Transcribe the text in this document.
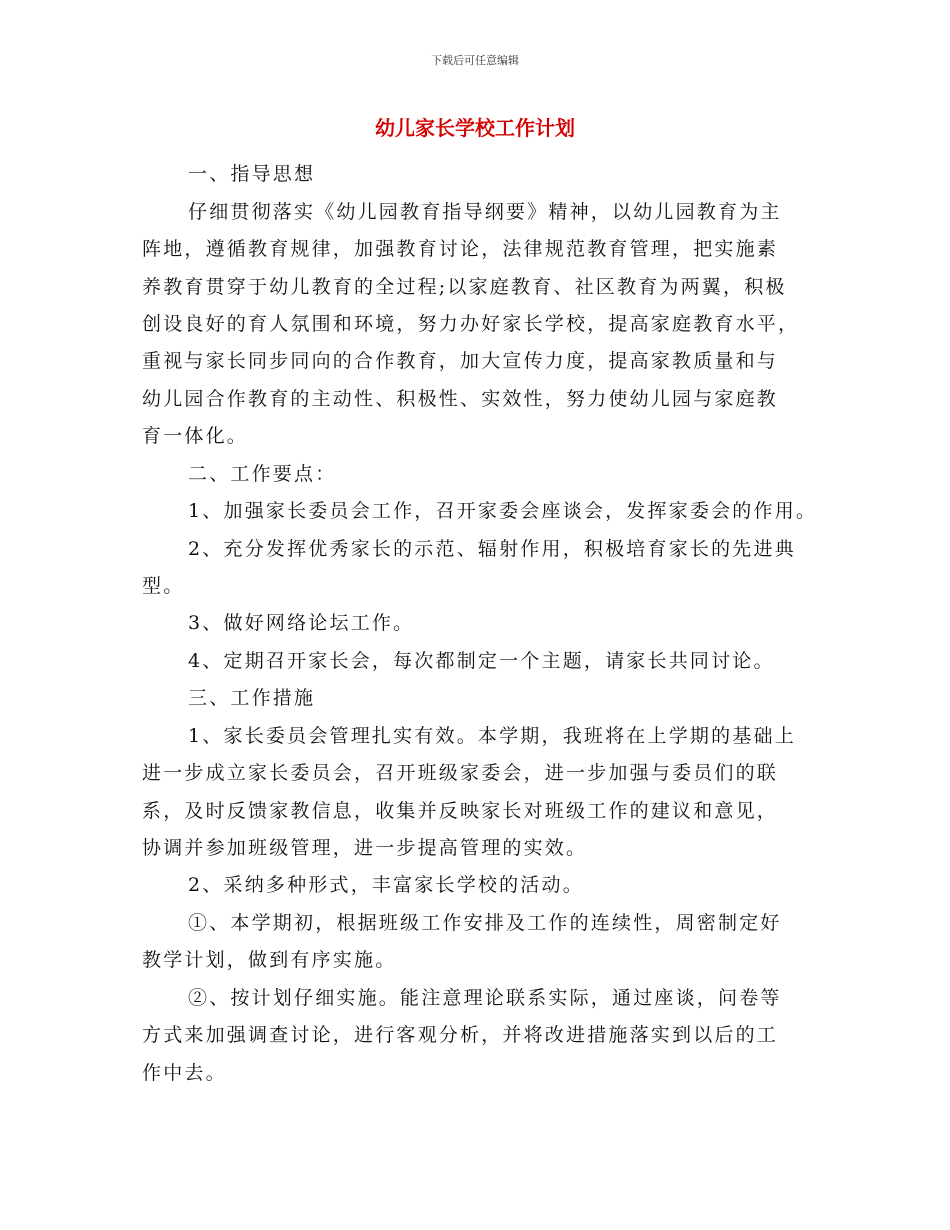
下载后可任意编辑
幼儿家长学校工作计划
一、指导思想
仔细贯彻落实《幼儿园教育指导纲要》精神，以幼儿园教育为主
阵地，遵循教育规律，加强教育讨论，法律规范教育管理，把实施素
养教育贯穿于幼儿教育的全过程;以家庭教育、社区教育为两翼，积极
创设良好的育人氛围和环境，努力办好家长学校，提高家庭教育水平，
重视与家长同步同向的合作教育，加大宣传力度，提高家教质量和与
幼儿园合作教育的主动性、积极性、实效性，努力使幼儿园与家庭教
育一体化。
二、工作要点：
1、加强家长委员会工作，召开家委会座谈会，发挥家委会的作用。
2、充分发挥优秀家长的示范、辐射作用，积极培育家长的先进典
型。
3、做好网络论坛工作。
4、定期召开家长会，每次都制定一个主题，请家长共同讨论。
三、工作措施
1、家长委员会管理扎实有效。本学期，我班将在上学期的基础上
进一步成立家长委员会，召开班级家委会，进一步加强与委员们的联
系，及时反馈家教信息，收集并反映家长对班级工作的建议和意见，
协调并参加班级管理，进一步提高管理的实效。
2、采纳多种形式，丰富家长学校的活动。
①、本学期初，根据班级工作安排及工作的连续性，周密制定好
教学计划，做到有序实施。
②、按计划仔细实施。能注意理论联系实际，通过座谈，问卷等
方式来加强调查讨论，进行客观分析，并将改进措施落实到以后的工
作中去。
